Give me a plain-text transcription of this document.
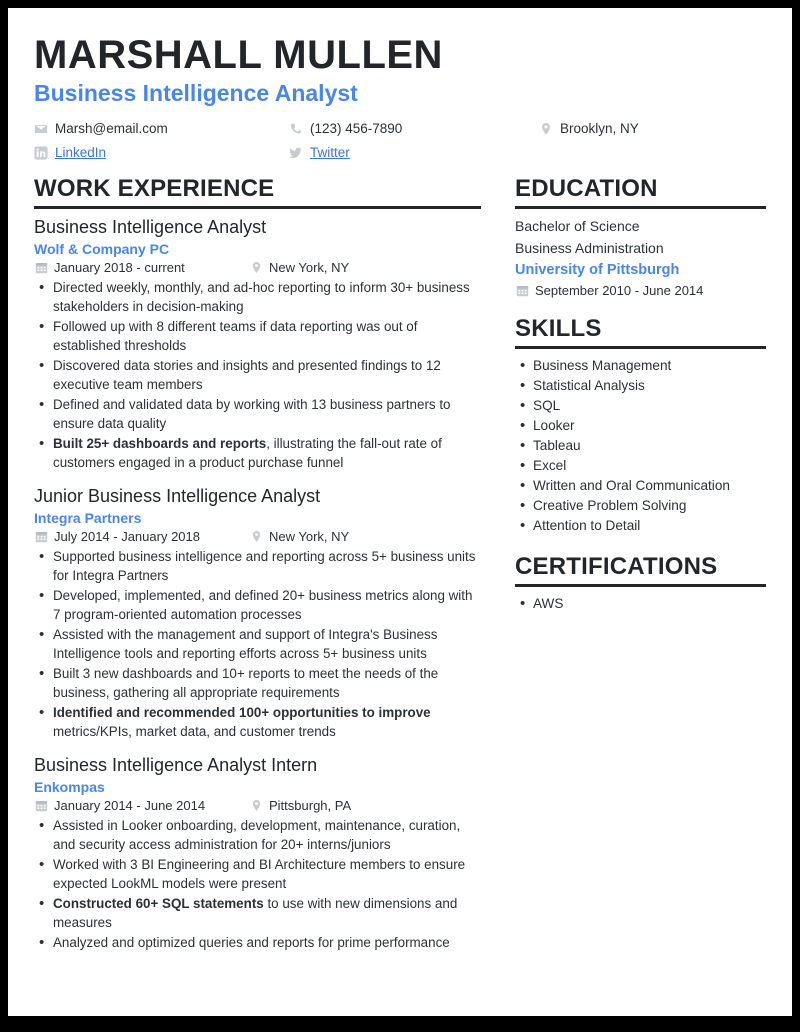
MARSHALL MULLEN
Business Intelligence Analyst
Marsh@email.com	(123) 456-7890	Brooklyn, NY
LinkedIn	Twitter
WORK EXPERIENCE
Business Intelligence Analyst
Wolf & Company PC
January 2018 - current	New York, NY
• Directed weekly, monthly, and ad-hoc reporting to inform 30+ business stakeholders in decision-making
• Followed up with 8 different teams if data reporting was out of established thresholds
• Discovered data stories and insights and presented findings to 12 executive team members
• Defined and validated data by working with 13 business partners to ensure data quality
• Built 25+ dashboards and reports, illustrating the fall-out rate of customers engaged in a product purchase funnel
Junior Business Intelligence Analyst
Integra Partners
July 2014 - January 2018	New York, NY
• Supported business intelligence and reporting across 5+ business units for Integra Partners
• Developed, implemented, and defined 20+ business metrics along with 7 program-oriented automation processes
• Assisted with the management and support of Integra's Business Intelligence tools and reporting efforts across 5+ business units
• Built 3 new dashboards and 10+ reports to meet the needs of the business, gathering all appropriate requirements
• Identified and recommended 100+ opportunities to improve metrics/KPIs, market data, and customer trends
Business Intelligence Analyst Intern
Enkompas
January 2014 - June 2014	Pittsburgh, PA
• Assisted in Looker onboarding, development, maintenance, curation, and security access administration for 20+ interns/juniors
• Worked with 3 BI Engineering and BI Architecture members to ensure expected LookML models were present
• Constructed 60+ SQL statements to use with new dimensions and measures
• Analyzed and optimized queries and reports for prime performance
EDUCATION
Bachelor of Science
Business Administration
University of Pittsburgh
September 2010 - June 2014
SKILLS
• Business Management
• Statistical Analysis
• SQL
• Looker
• Tableau
• Excel
• Written and Oral Communication
• Creative Problem Solving
• Attention to Detail
CERTIFICATIONS
• AWS
